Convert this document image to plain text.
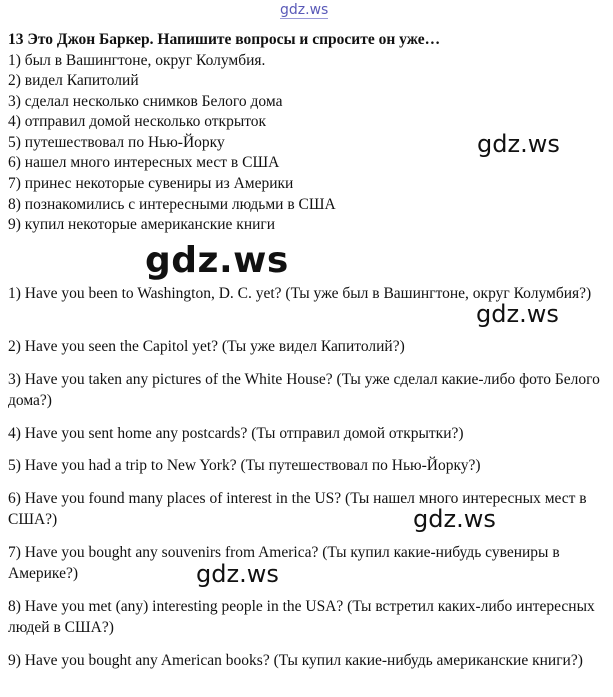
gdz.ws
13 Это Джон Баркер. Напишите вопросы и спросите он уже…
1) был в Вашингтоне, округ Колумбия.
2) видел Капитолий
3) сделал несколько снимков Белого дома
4) отправил домой несколько открыток
5) путешествовал по Нью-Йорку
6) нашел много интересных мест в США
7) принес некоторые сувениры из Америки
8) познакомились с интересными людьми в США
9) купил некоторые американские книги
1) Have you been to Washington, D. C. yet? (Ты уже был в Вашингтоне, округ Колумбия?)
2) Have you seen the Capitol yet? (Ты уже видел Капитолий?)
3) Have you taken any pictures of the White House? (Ты уже сделал какие-либо фото Белого дома?)
4) Have you sent home any postcards? (Ты отправил домой открытки?)
5) Have you had a trip to New York? (Ты путешествовал по Нью-Йорку?)
6) Have you found many places of interest in the US? (Ты нашел много интересных мест в США?)
7) Have you bought any souvenirs from America? (Ты купил какие-нибудь сувениры в Америке?)
8) Have you met (any) interesting people in the USA? (Ты встретил каких-либо интересных людей в США?)
9) Have you bought any American books? (Ты купил какие-нибудь американские книги?)
gdz.ws
gdz.ws
gdz.ws
gdz.ws
gdz.ws
